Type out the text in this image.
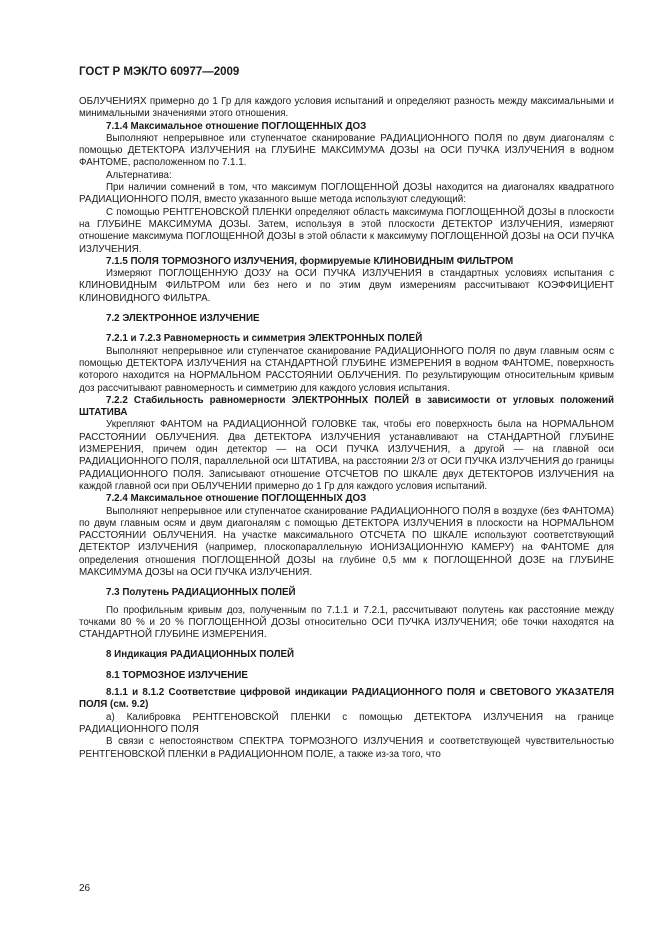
ГОСТ Р МЭК/ТО 60977—2009

ОБЛУЧЕНИЯХ примерно до 1 Гр для каждого условия испытаний и определяют разность между максимальными и минимальными значениями этого отношения.

7.1.4 Максимальное отношение ПОГЛОЩЕННЫХ ДОЗ

Выполняют непрерывное или ступенчатое сканирование РАДИАЦИОННОГО ПОЛЯ по двум диагоналям с помощью ДЕТЕКТОРА ИЗЛУЧЕНИЯ на ГЛУБИНЕ МАКСИМУМА ДОЗЫ на ОСИ ПУЧКА ИЗЛУЧЕНИЯ в водном ФАНТОМЕ, расположенном по 7.1.1.

Альтернатива:

При наличии сомнений в том, что максимум ПОГЛОЩЕННОЙ ДОЗЫ находится на диагоналях квадратного РАДИАЦИОННОГО ПОЛЯ, вместо указанного выше метода используют следующий:

С помощью РЕНТГЕНОВСКОЙ ПЛЕНКИ определяют область максимума ПОГЛОЩЕННОЙ ДОЗЫ в плоскости на ГЛУБИНЕ МАКСИМУМА ДОЗЫ. Затем, используя в этой плоскости ДЕТЕКТОР ИЗЛУЧЕНИЯ, измеряют отношение максимума ПОГЛОЩЕННОЙ ДОЗЫ в этой области к максимуму ПОГЛОЩЕННОЙ ДОЗЫ на ОСИ ПУЧКА ИЗЛУЧЕНИЯ.

7.1.5 ПОЛЯ ТОРМОЗНОГО ИЗЛУЧЕНИЯ, формируемые КЛИНОВИДНЫМ ФИЛЬТРОМ

Измеряют ПОГЛОЩЕННУЮ ДОЗУ на ОСИ ПУЧКА ИЗЛУЧЕНИЯ в стандартных условиях испытания с КЛИНОВИДНЫМ ФИЛЬТРОМ или без него и по этим двум измерениям рассчитывают КОЭФФИЦИЕНТ КЛИНОВИДНОГО ФИЛЬТРА.

7.2 ЭЛЕКТРОННОЕ ИЗЛУЧЕНИЕ
7.2.1 и 7.2.3 Равномерность и симметрия ЭЛЕКТРОННЫХ ПОЛЕЙ

Выполняют непрерывное или ступенчатое сканирование РАДИАЦИОННОГО ПОЛЯ по двум главным осям с помощью ДЕТЕКТОРА ИЗЛУЧЕНИЯ на СТАНДАРТНОЙ ГЛУБИНЕ ИЗМЕРЕНИЯ в водном ФАНТОМЕ, поверхность которого находится на НОРМАЛЬНОМ РАССТОЯНИИ ОБЛУЧЕНИЯ. По результирующим относительным кривым доз рассчитывают равномерность и симметрию для каждого условия испытания.

7.2.2 Стабильность равномерности ЭЛЕКТРОННЫХ ПОЛЕЙ в зависимости от угловых положений ШТАТИВА

Укрепляют ФАНТОМ на РАДИАЦИОННОЙ ГОЛОВКЕ так, чтобы его поверхность была на НОРМАЛЬНОМ РАССТОЯНИИ ОБЛУЧЕНИЯ. Два ДЕТЕКТОРА ИЗЛУЧЕНИЯ устанавливают на СТАНДАРТНОЙ ГЛУБИНЕ ИЗМЕРЕНИЯ, причем один детектор — на ОСИ ПУЧКА ИЗЛУЧЕНИЯ, а другой — на главной оси РАДИАЦИОННОГО ПОЛЯ, параллельной оси ШТАТИВА, на расстоянии 2/3 от ОСИ ПУЧКА ИЗЛУЧЕНИЯ до границы РАДИАЦИОННОГО ПОЛЯ. Записывают отношение ОТСЧЕТОВ ПО ШКАЛЕ двух ДЕТЕКТОРОВ ИЗЛУЧЕНИЯ на каждой главной оси при ОБЛУЧЕНИИ примерно до 1 Гр для каждого условия испытаний.

7.2.4 Максимальное отношение ПОГЛОЩЕННЫХ ДОЗ

Выполняют непрерывное или ступенчатое сканирование РАДИАЦИОННОГО ПОЛЯ в воздухе (без ФАНТОМА) по двум главным осям и двум диагоналям с помощью ДЕТЕКТОРА ИЗЛУЧЕНИЯ в плоскости на НОРМАЛЬНОМ РАССТОЯНИИ ОБЛУЧЕНИЯ. На участке максимального ОТСЧЕТА ПО ШКАЛЕ используют соответствующий ДЕТЕКТОР ИЗЛУЧЕНИЯ (например, плоскопараллельную ИОНИЗАЦИОННУЮ КАМЕРУ) на ФАНТОМЕ для определения отношения ПОГЛОЩЕННОЙ ДОЗЫ на глубине 0,5 мм к ПОГЛОЩЕННОЙ ДОЗЕ на ГЛУБИНЕ МАКСИМУМА ДОЗЫ на ОСИ ПУЧКА ИЗЛУЧЕНИЯ.

7.3 Полутень РАДИАЦИОННЫХ ПОЛЕЙ

По профильным кривым доз, полученным по 7.1.1 и 7.2.1, рассчитывают полутень как расстояние между точками 80 % и 20 % ПОГЛОЩЕННОЙ ДОЗЫ относительно ОСИ ПУЧКА ИЗЛУЧЕНИЯ; обе точки находятся на СТАНДАРТНОЙ ГЛУБИНЕ ИЗМЕРЕНИЯ.

8 Индикация РАДИАЦИОННЫХ ПОЛЕЙ
8.1 ТОРМОЗНОЕ ИЗЛУЧЕНИЕ
8.1.1 и 8.1.2 Соответствие цифровой индикации РАДИАЦИОННОГО ПОЛЯ и СВЕТОВОГО УКАЗАТЕЛЯ ПОЛЯ (см. 9.2)

а) Калибровка РЕНТГЕНОВСКОЙ ПЛЕНКИ с помощью ДЕТЕКТОРА ИЗЛУЧЕНИЯ на границе РАДИАЦИОННОГО ПОЛЯ

В связи с непостоянством СПЕКТРА ТОРМОЗНОГО ИЗЛУЧЕНИЯ и соответствующей чувствительностью РЕНТГЕНОВСКОЙ ПЛЕНКИ в РАДИАЦИОННОМ ПОЛЕ, а также из-за того, что

26
